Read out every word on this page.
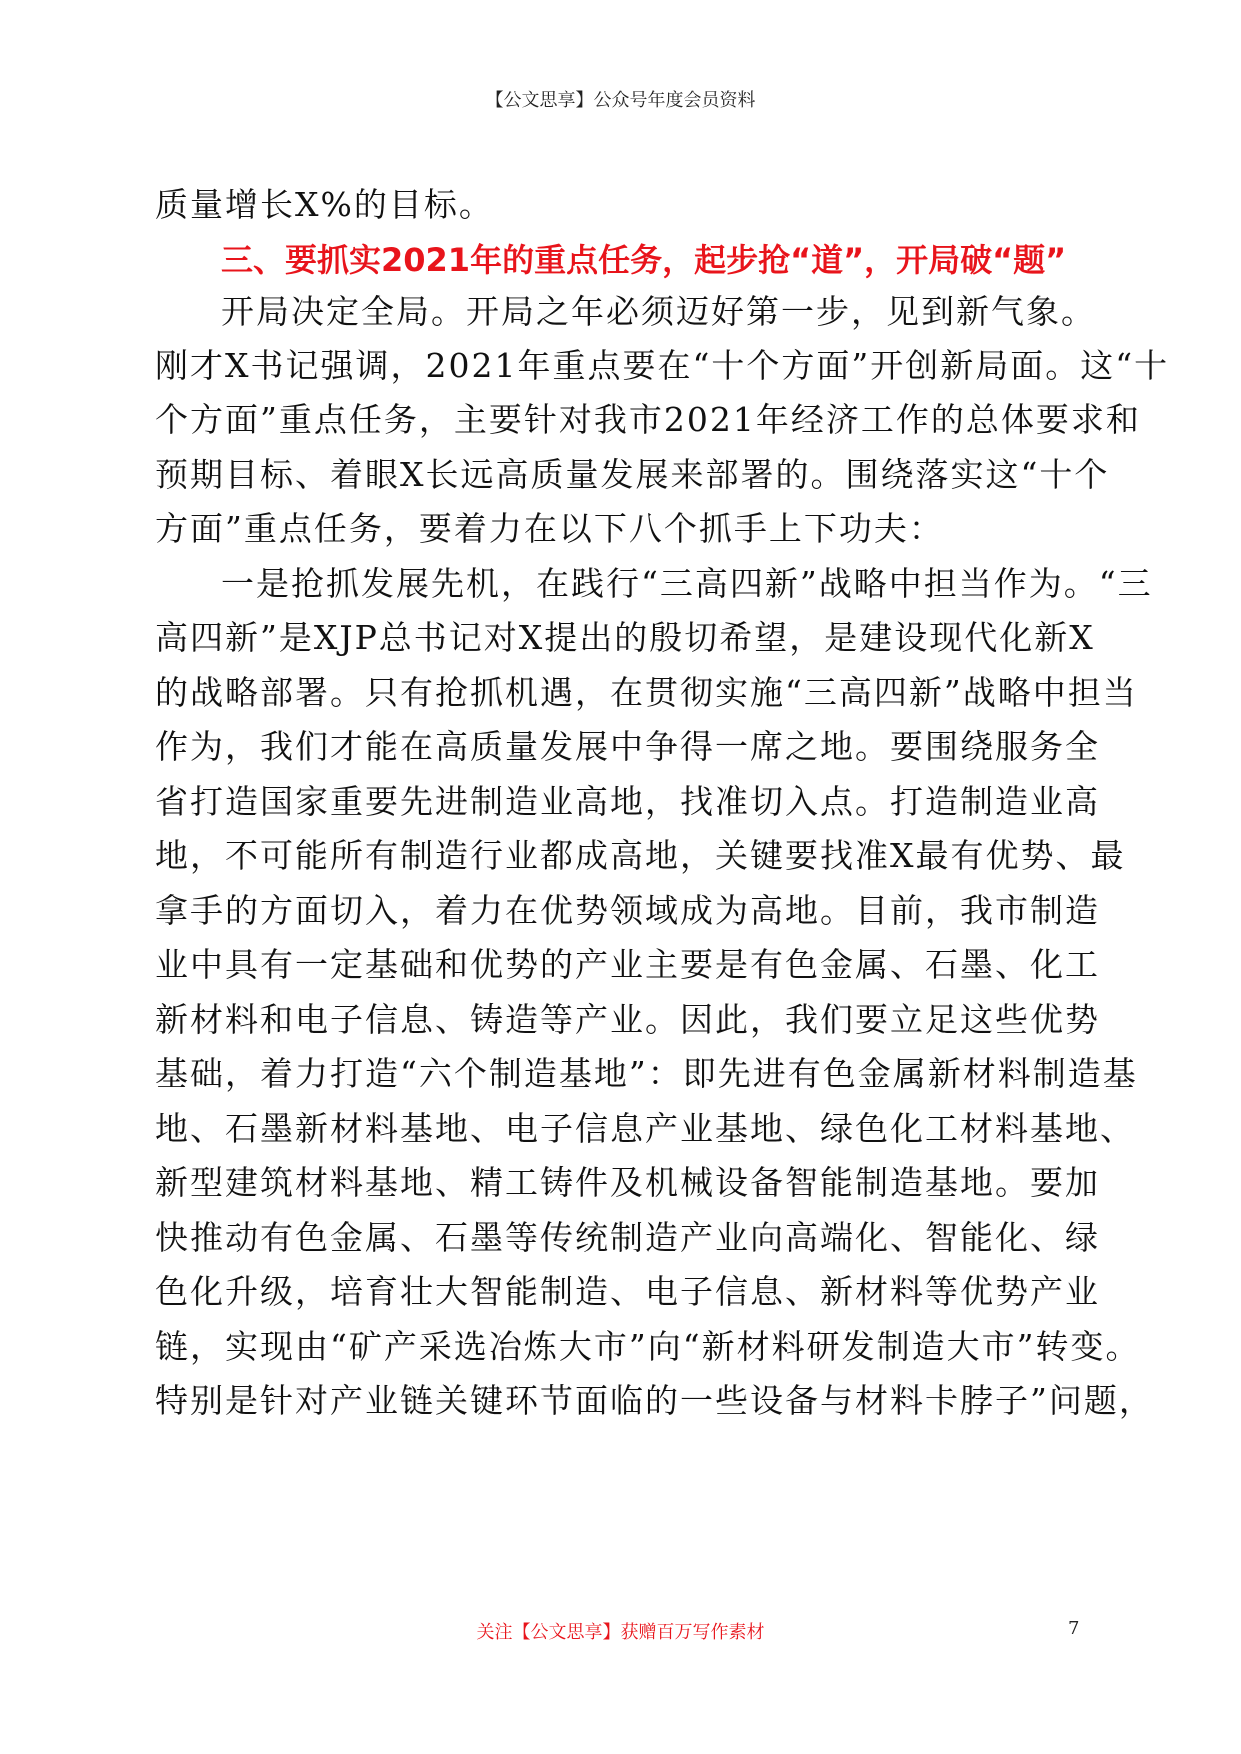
【公文思享】公众号年度会员资料
质量增长X%的目标。
三、要抓实2021年的重点任务，起步抢“道”，开局破“题”
开局决定全局。开局之年必须迈好第一步，见到新气象。
刚才X书记强调，2021年重点要在“十个方面”开创新局面。这“十
个方面”重点任务，主要针对我市2021年经济工作的总体要求和
预期目标、着眼X长远高质量发展来部署的。围绕落实这“十个
方面”重点任务，要着力在以下八个抓手上下功夫：
一是抢抓发展先机，在践行“三高四新”战略中担当作为。“三
高四新”是XJP总书记对X提出的殷切希望，是建设现代化新X
的战略部署。只有抢抓机遇，在贯彻实施“三高四新”战略中担当
作为，我们才能在高质量发展中争得一席之地。要围绕服务全
省打造国家重要先进制造业高地，找准切入点。打造制造业高
地，不可能所有制造行业都成高地，关键要找准X最有优势、最
拿手的方面切入，着力在优势领域成为高地。目前，我市制造
业中具有一定基础和优势的产业主要是有色金属、石墨、化工
新材料和电子信息、铸造等产业。因此，我们要立足这些优势
基础，着力打造“六个制造基地”：即先进有色金属新材料制造基
地、石墨新材料基地、电子信息产业基地、绿色化工材料基地、
新型建筑材料基地、精工铸件及机械设备智能制造基地。要加
快推动有色金属、石墨等传统制造产业向高端化、智能化、绿
色化升级，培育壮大智能制造、电子信息、新材料等优势产业
链，实现由“矿产采选冶炼大市”向“新材料研发制造大市”转变。
特别是针对产业链关键环节面临的一些设备与材料卡脖子”问题，
关注【公文思享】获赠百万写作素材	7
